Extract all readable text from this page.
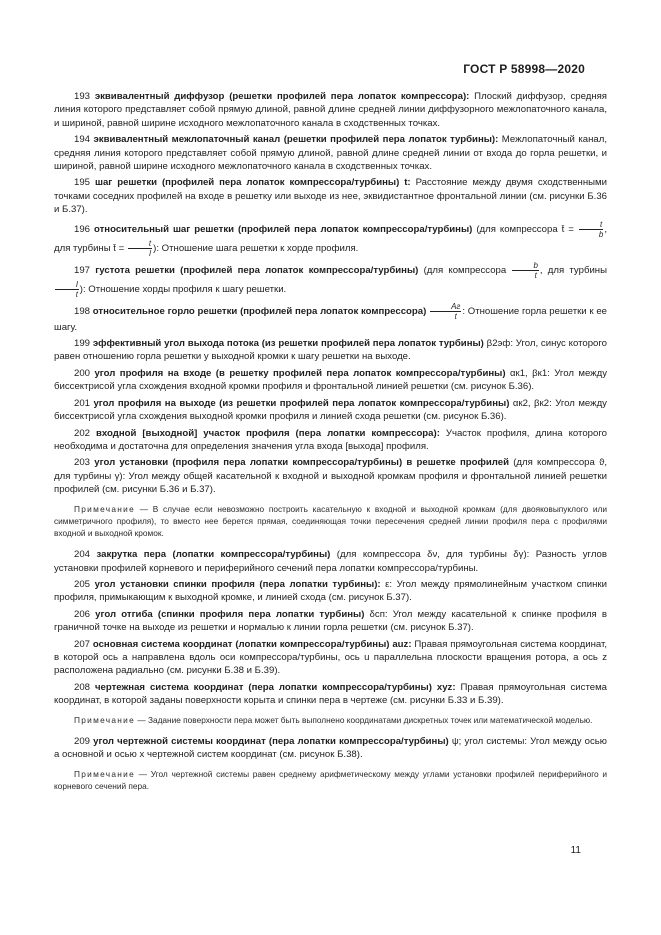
ГОСТ Р 58998—2020

193 эквивалентный диффузор (решетки профилей пера лопаток компрессора): Плоский диффузор, средняя линия которого представляет собой прямую длиной, равной длине средней линии диффузорного межлопаточного канала, и шириной, равной ширине исходного межлопаточного канала в сходственных точках.

194 эквивалентный межлопаточный канал (решетки профилей пера лопаток турбины): Межлопаточный канал, средняя линия которого представляет собой прямую длиной, равной длине средней линии от входа до горла решетки, и шириной, равной ширине исходного межлопаточного канала в сходственных точках.

195 шаг решетки (профилей пера лопаток компрессора/турбины) t: Расстояние между двумя сходственными точками соседних профилей на входе в решетку или выходе из нее, эквидистантное фронтальной линии (см. рисунки Б.36 и Б.37).

196 относительный шаг решетки (профилей пера лопаток компрессора/турбины) (для компрессора t̄ = $\frac{t}{b}$ , для турбины t̄ = $\frac{t}{l}$ ): Отношение шага решетки к хорде профиля.

197 густота решетки (профилей пера лопаток компрессора/турбины) (для компрессора $\frac{b}{t}$ , для турбины
$\frac{l}{t}$ ): Отношение хорды профиля к шагу решетки.

198 относительное горло решетки (профилей пера лопаток компрессора) $\frac{Aг}{t}$ : Отношение горла решетки к ее шагу.

199 эффективный угол выхода потока (из решетки профилей пера лопаток турбины) β2эф: Угол, синус которого равен отношению горла решетки у выходной кромки к шагу решетки на выходе.

200 угол профиля на входе (в решетку профилей пера лопаток компрессора/турбины) αк1, βк1: Угол между биссектрисой угла схождения входной кромки профиля и фронтальной линией решетки (см. рисунок Б.36).

201 угол профиля на выходе (из решетки профилей пера лопаток компрессора/турбины) αк2, βк2: Угол между биссектрисой угла схождения выходной кромки профиля и линией схода решетки (см. рисунок Б.36).

202 входной [выходной] участок профиля (пера лопатки компрессора): Участок профиля, длина которого необходима и достаточна для определения значения угла входа [выхода] профиля.

203 угол установки (профиля пера лопатки компрессора/турбины) в решетке профилей (для компрессора ϑ, для турбины γ): Угол между общей касательной к входной и выходной кромкам профиля и фронтальной линией решетки профилей (см. рисунки Б.36 и Б.37).

Примечание — В случае если невозможно построить касательную к входной и выходной кромкам (для двояковыпуклого или симметричного профиля), то вместо нее берется прямая, соединяющая точки пересечения средней линии профиля пера с профилями входной и выходной кромок.

204 закрутка пера (лопатки компрессора/турбины) (для компрессора δν, для турбины δγ): Разность углов установки профилей корневого и периферийного сечений пера лопатки компрессора/турбины.

205 угол установки спинки профиля (пера лопатки турбины): ε: Угол между прямолинейным участком спинки профиля, примыкающим к выходной кромке, и линией схода (см. рисунок Б.37).

206 угол отгиба (спинки профиля пера лопатки турбины) δсп: Угол между касательной к спинке профиля в граничной точке на выходе из решетки и нормалью к линии горла решетки (см. рисунок Б.37).

207 основная система координат (лопатки компрессора/турбины) auz: Правая прямоугольная система координат, в которой ось a направлена вдоль оси компрессора/турбины, ось u параллельна плоскости вращения ротора, а ось z расположена радиально (см. рисунки Б.38 и Б.39).

208 чертежная система координат (пера лопатки компрессора/турбины) xyz: Правая прямоугольная система координат, в которой заданы поверхности корыта и спинки пера в чертеже (см. рисунки Б.33 и Б.39).

Примечание — Задание поверхности пера может быть выполнено координатами дискретных точек или математической моделью.

209 угол чертежной системы координат (пера лопатки компрессора/турбины) ψ; угол системы: Угол между осью a основной и осью x чертежной систем координат (см. рисунок Б.38).

Примечание — Угол чертежной системы равен среднему арифметическому между углами установки профилей периферийного и корневого сечений пера.

11
